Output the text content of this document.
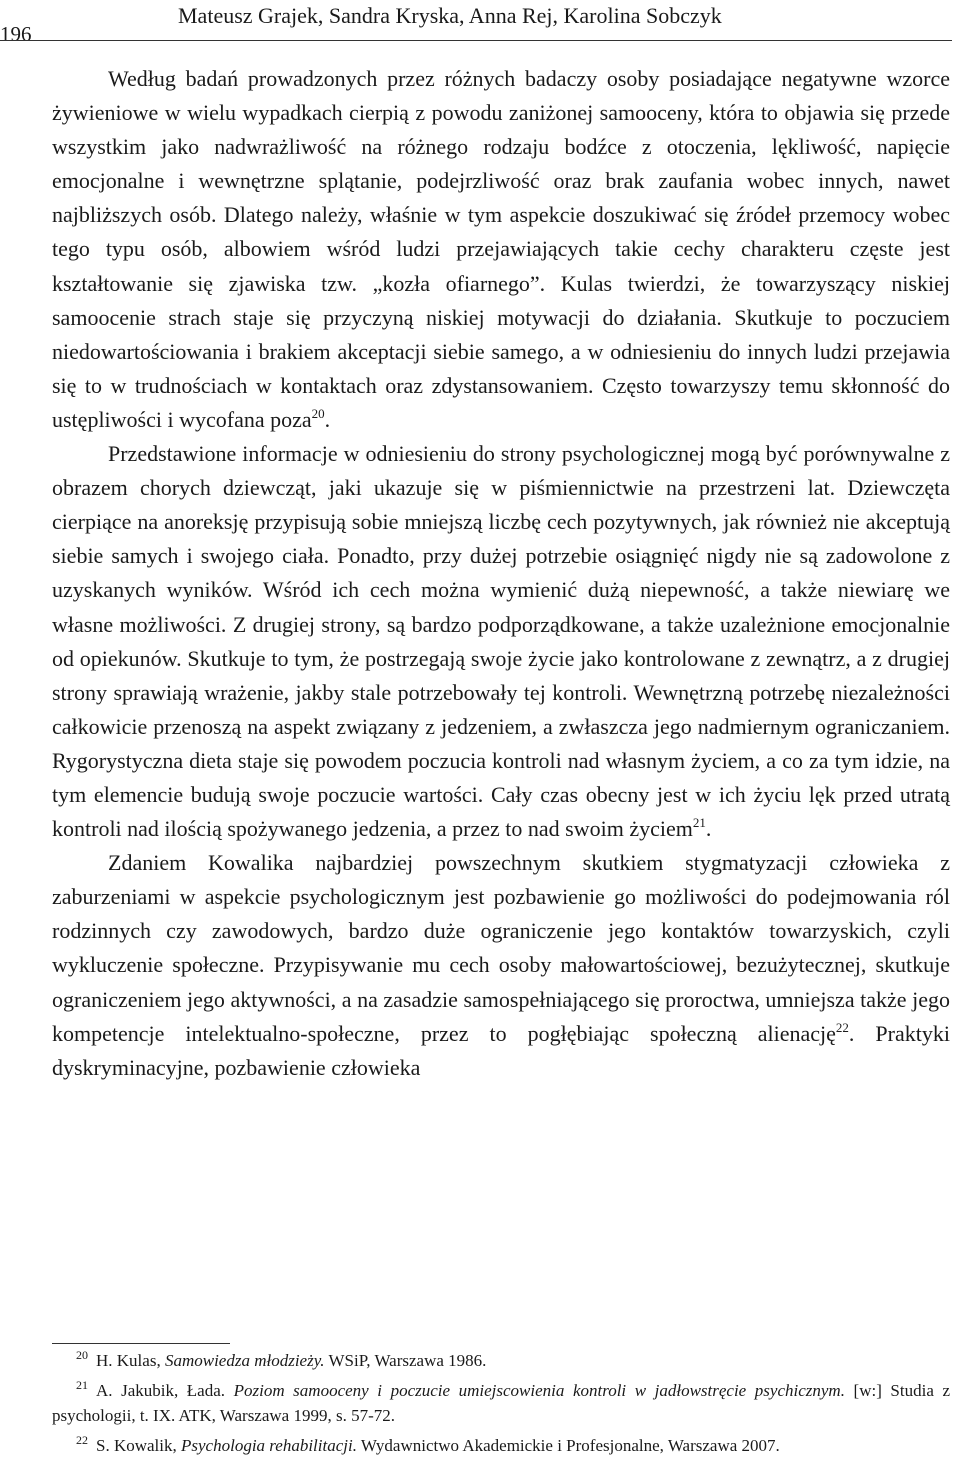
196
Mateusz Grajek, Sandra Kryska, Anna Rej, Karolina Sobczyk

Według badań prowadzonych przez różnych badaczy osoby posiadające negatywne wzorce żywieniowe w wielu wypadkach cierpią z powodu zaniżonej samooceny, która to objawia się przede wszystkim jako nadwrażliwość na różnego rodzaju bodźce z otoczenia, lękliwość, napięcie emocjonalne i wewnętrzne splątanie, podejrzliwość oraz brak zaufania wobec innych, nawet najbliższych osób. Dlatego należy, właśnie w tym aspekcie doszukiwać się źródeł przemocy wobec tego typu osób, albowiem wśród ludzi przejawiających takie cechy charakteru częste jest kształtowanie się zjawiska tzw. „kozła ofiarnego”. Kulas twierdzi, że towarzyszący niskiej samoocenie strach staje się przyczyną niskiej motywacji do działania. Skutkuje to poczuciem niedowartościowania i brakiem akceptacji siebie samego, a w odniesieniu do innych ludzi przejawia się to w trudnościach w kontaktach oraz zdystansowaniem. Często towarzyszy temu skłonność do ustępliwości i wycofana poza$^{20}$.

Przedstawione informacje w odniesieniu do strony psychologicznej mogą być porównywalne z obrazem chorych dziewcząt, jaki ukazuje się w piśmiennictwie na przestrzeni lat. Dziewczęta cierpiące na anoreksję przypisują sobie mniejszą liczbę cech pozytywnych, jak również nie akceptują siebie samych i swojego ciała. Ponadto, przy dużej potrzebie osiągnięć nigdy nie są zadowolone z uzyskanych wyników. Wśród ich cech można wymienić dużą niepewność, a także niewiarę we własne możliwości. Z drugiej strony, są bardzo podporządkowane, a także uzależnione emocjonalnie od opiekunów. Skutkuje to tym, że postrzegają swoje życie jako kontrolowane z zewnątrz, a z drugiej strony sprawiają wrażenie, jakby stale potrzebowały tej kontroli. Wewnętrzną potrzebę niezależności całkowicie przenoszą na aspekt związany z jedzeniem, a zwłaszcza jego nadmiernym ograniczaniem. Rygorystyczna dieta staje się powodem poczucia kontroli nad własnym życiem, a co za tym idzie, na tym elemencie budują swoje poczucie wartości. Cały czas obecny jest w ich życiu lęk przed utratą kontroli nad ilością spożywanego jedzenia, a przez to nad swoim życiem$^{21}$.

Zdaniem Kowalika najbardziej powszechnym skutkiem stygmatyzacji człowieka z zaburzeniami w aspekcie psychologicznym jest pozbawienie go możliwości do podejmowania ról rodzinnych czy zawodowych, bardzo duże ograniczenie jego kontaktów towarzyskich, czyli wykluczenie społeczne. Przypisywanie mu cech osoby małowartościowej, bezużytecznej, skutkuje ograniczeniem jego aktywności, a na zasadzie samospełniającego się proroctwa, umniejsza także jego kompetencje intelektualno-społeczne, przez to pogłębiając społeczną alienację$^{22}$. Praktyki dyskryminacyjne, pozbawienie człowieka

$^{20}$ H. Kulas, Samowiedza młodzieży. WSiP, Warszawa 1986.

$^{21}$ A. Jakubik, Łada. Poziom samooceny i poczucie umiejscowienia kontroli w jadłowstręcie psychicznym. [w:] Studia z psychologii, t. IX. ATK, Warszawa 1999, s. 57-72.

$^{22}$ S. Kowalik, Psychologia rehabilitacji. Wydawnictwo Akademickie i Profesjonalne, Warszawa 2007.
